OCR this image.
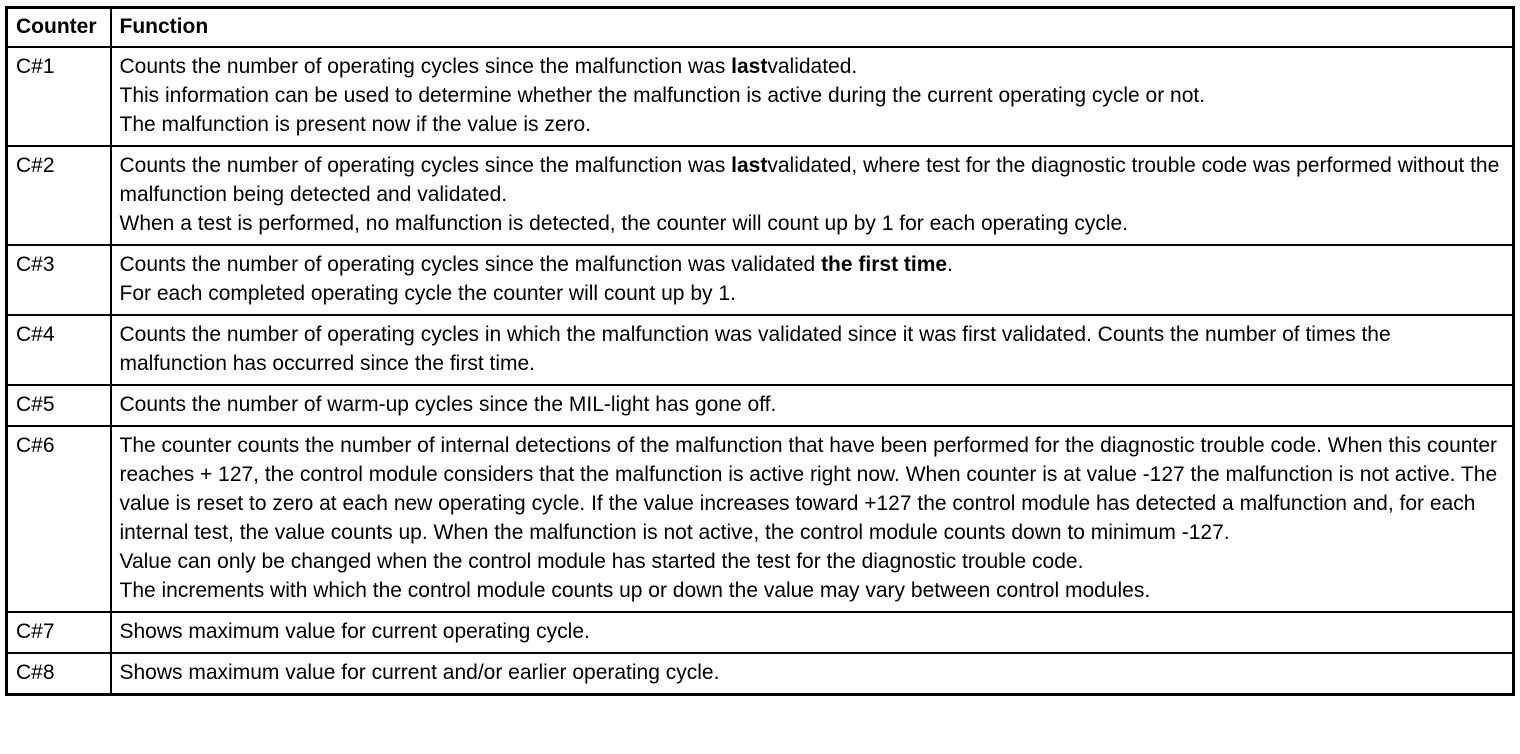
Counter	Function
C#1	Counts the number of operating cycles since the malfunction was lastvalidated.
This information can be used to determine whether the malfunction is active during the current operating cycle or not.
The malfunction is present now if the value is zero.

C#2	Counts the number of operating cycles since the malfunction was lastvalidated, where test for the diagnostic trouble code was performed without the malfunction being detected and validated.
When a test is performed, no malfunction is detected, the counter will count up by 1 for each operating cycle.

C#3	Counts the number of operating cycles since the malfunction was validated the first time.
For each completed operating cycle the counter will count up by 1.

C#4	Counts the number of operating cycles in which the malfunction was validated since it was first validated. Counts the number of times the malfunction has occurred since the first time.

C#5	Counts the number of warm-up cycles since the MIL-light has gone off.

C#6	The counter counts the number of internal detections of the malfunction that have been performed for the diagnostic trouble code. When this counter reaches + 127, the control module considers that the malfunction is active right now. When counter is at value -127 the malfunction is not active. The value is reset to zero at each new operating cycle. If the value increases toward +127 the control module has detected a malfunction and, for each internal test, the value counts up. When the malfunction is not active, the control module counts down to minimum -127.
Value can only be changed when the control module has started the test for the diagnostic trouble code.
The increments with which the control module counts up or down the value may vary between control modules.

C#7	Shows maximum value for current operating cycle.

C#8	Shows maximum value for current and/or earlier operating cycle.
